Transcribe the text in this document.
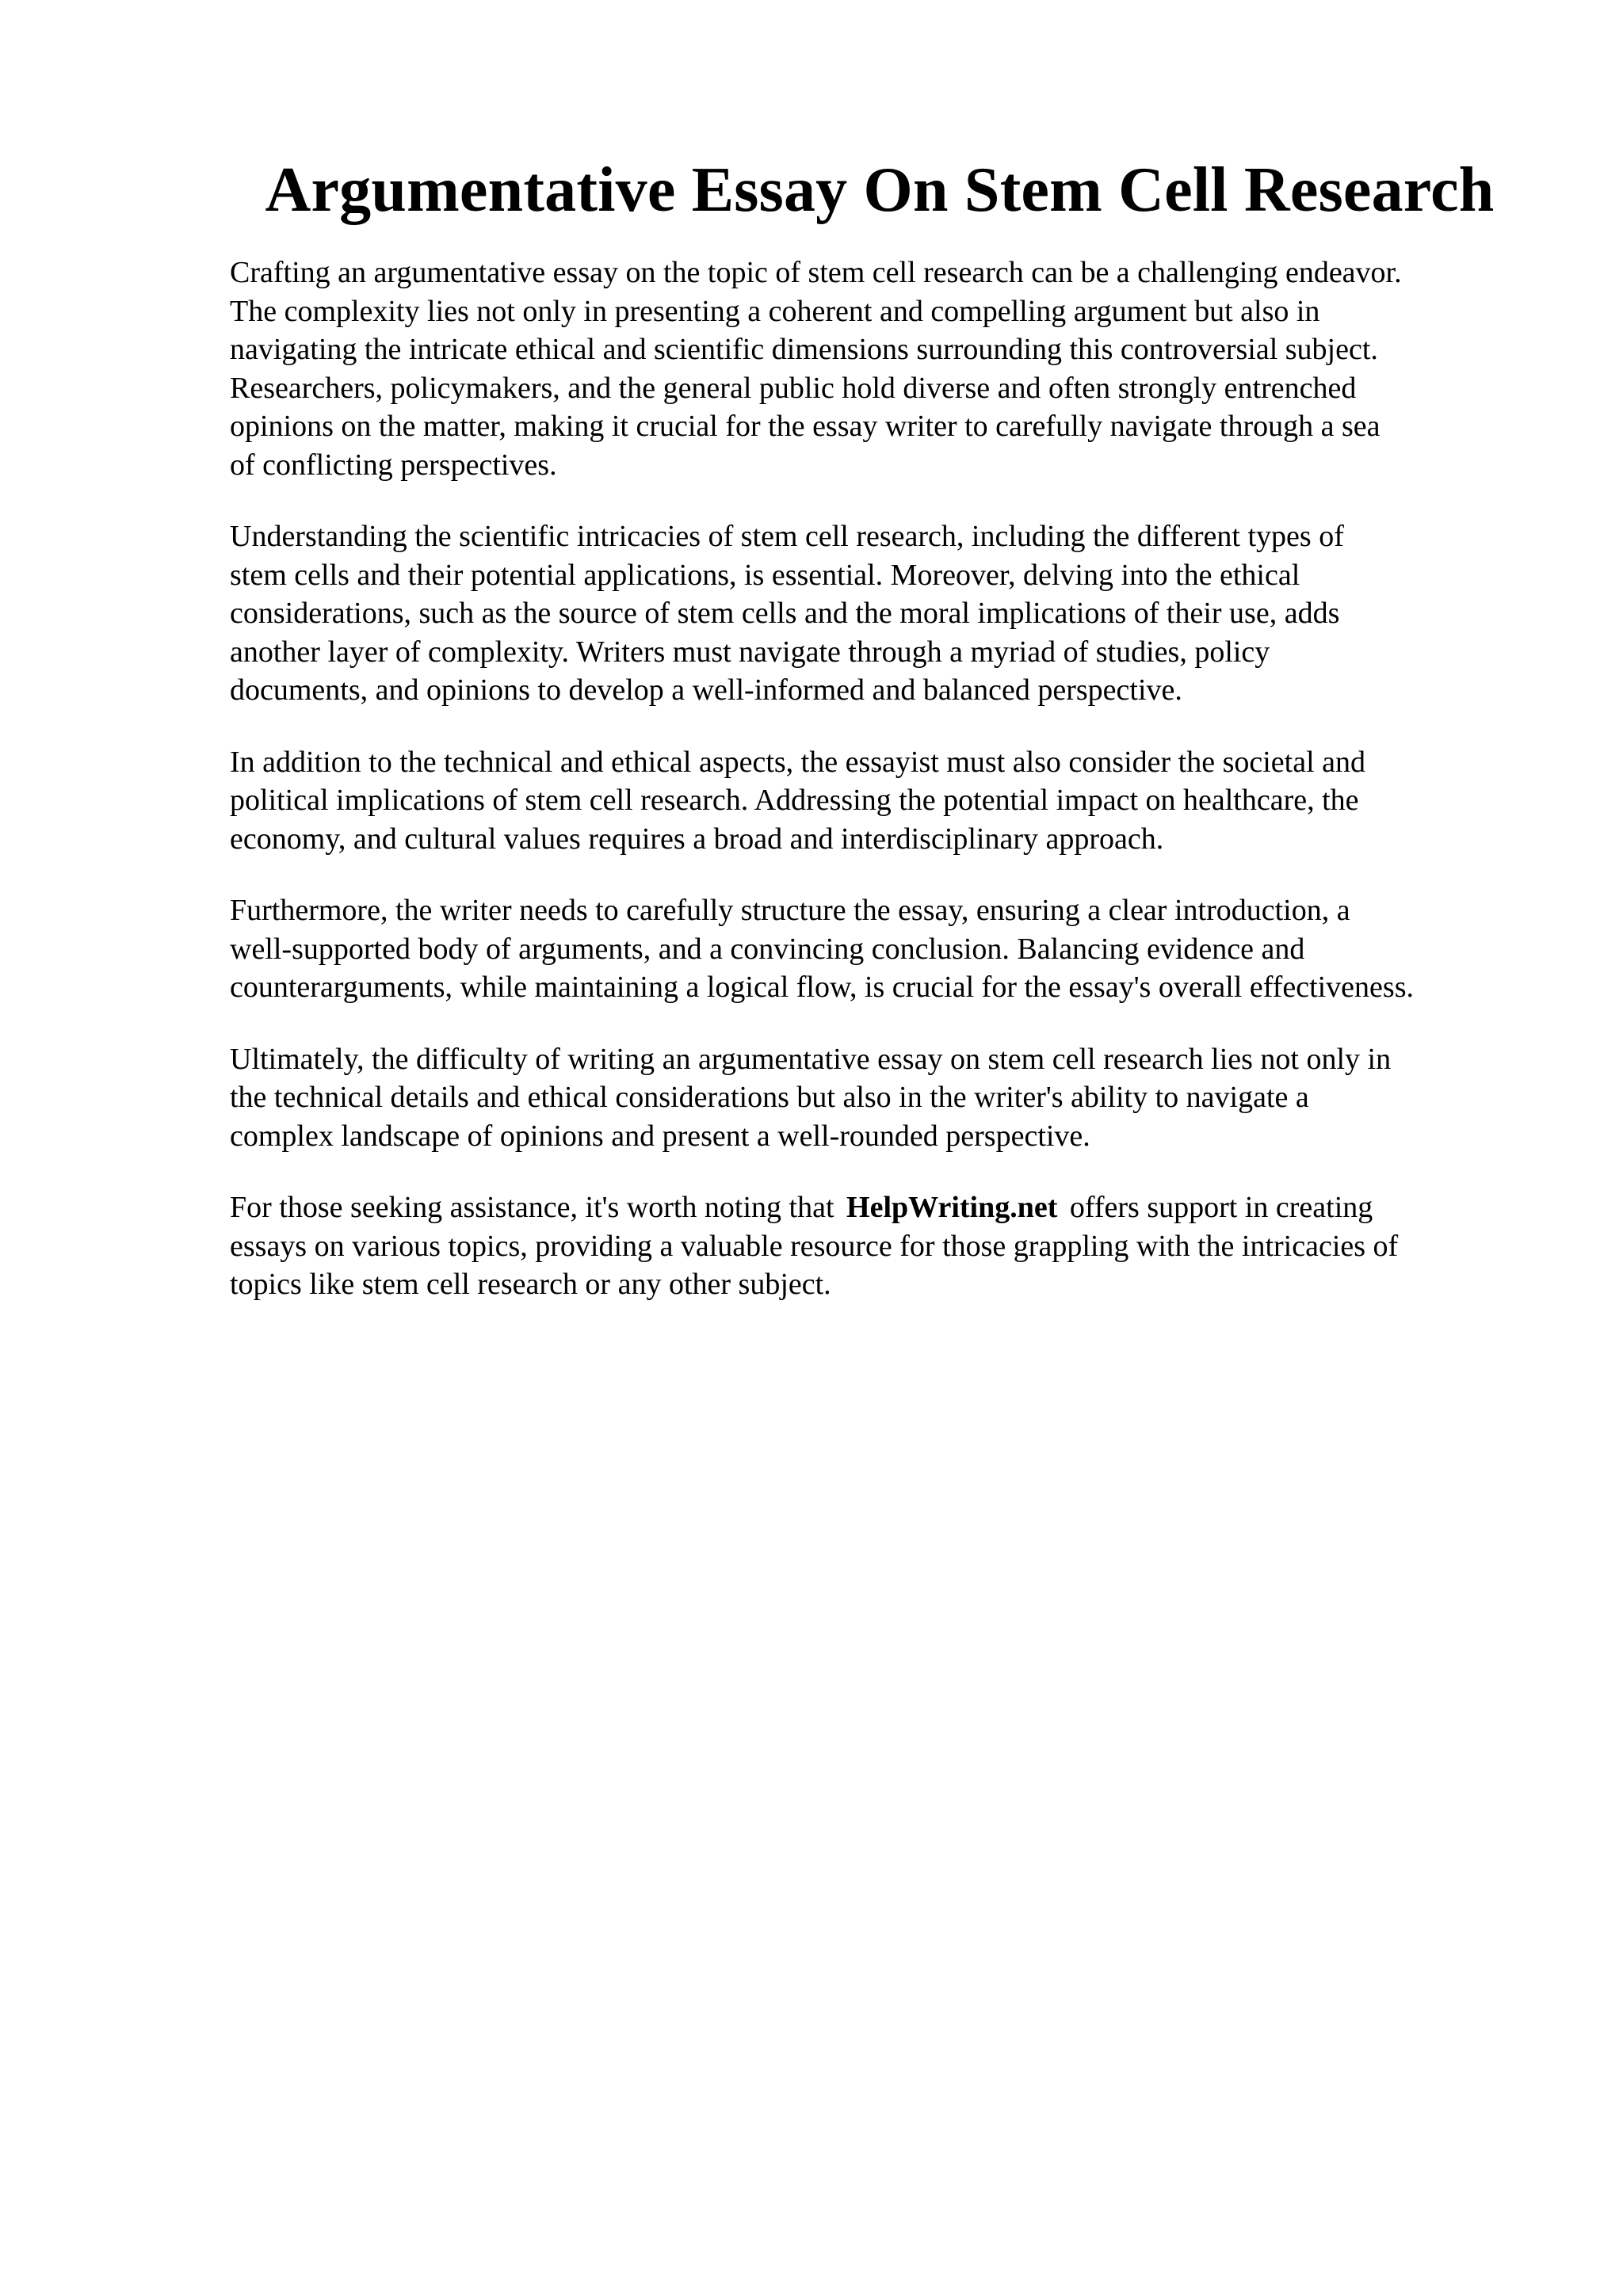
Argumentative Essay On Stem Cell Research

Crafting an argumentative essay on the topic of stem cell research can be a challenging endeavor.
The complexity lies not only in presenting a coherent and compelling argument but also in
navigating the intricate ethical and scientific dimensions surrounding this controversial subject.
Researchers, policymakers, and the general public hold diverse and often strongly entrenched
opinions on the matter, making it crucial for the essay writer to carefully navigate through a sea
of conflicting perspectives.

Understanding the scientific intricacies of stem cell research, including the different types of
stem cells and their potential applications, is essential. Moreover, delving into the ethical
considerations, such as the source of stem cells and the moral implications of their use, adds
another layer of complexity. Writers must navigate through a myriad of studies, policy
documents, and opinions to develop a well-informed and balanced perspective.

In addition to the technical and ethical aspects, the essayist must also consider the societal and
political implications of stem cell research. Addressing the potential impact on healthcare, the
economy, and cultural values requires a broad and interdisciplinary approach.

Furthermore, the writer needs to carefully structure the essay, ensuring a clear introduction, a
well-supported body of arguments, and a convincing conclusion. Balancing evidence and
counterarguments, while maintaining a logical flow, is crucial for the essay's overall effectiveness.

Ultimately, the difficulty of writing an argumentative essay on stem cell research lies not only in
the technical details and ethical considerations but also in the writer's ability to navigate a
complex landscape of opinions and present a well-rounded perspective.

For those seeking assistance, it's worth noting that HelpWriting.net offers support in creating
essays on various topics, providing a valuable resource for those grappling with the intricacies of
topics like stem cell research or any other subject.
